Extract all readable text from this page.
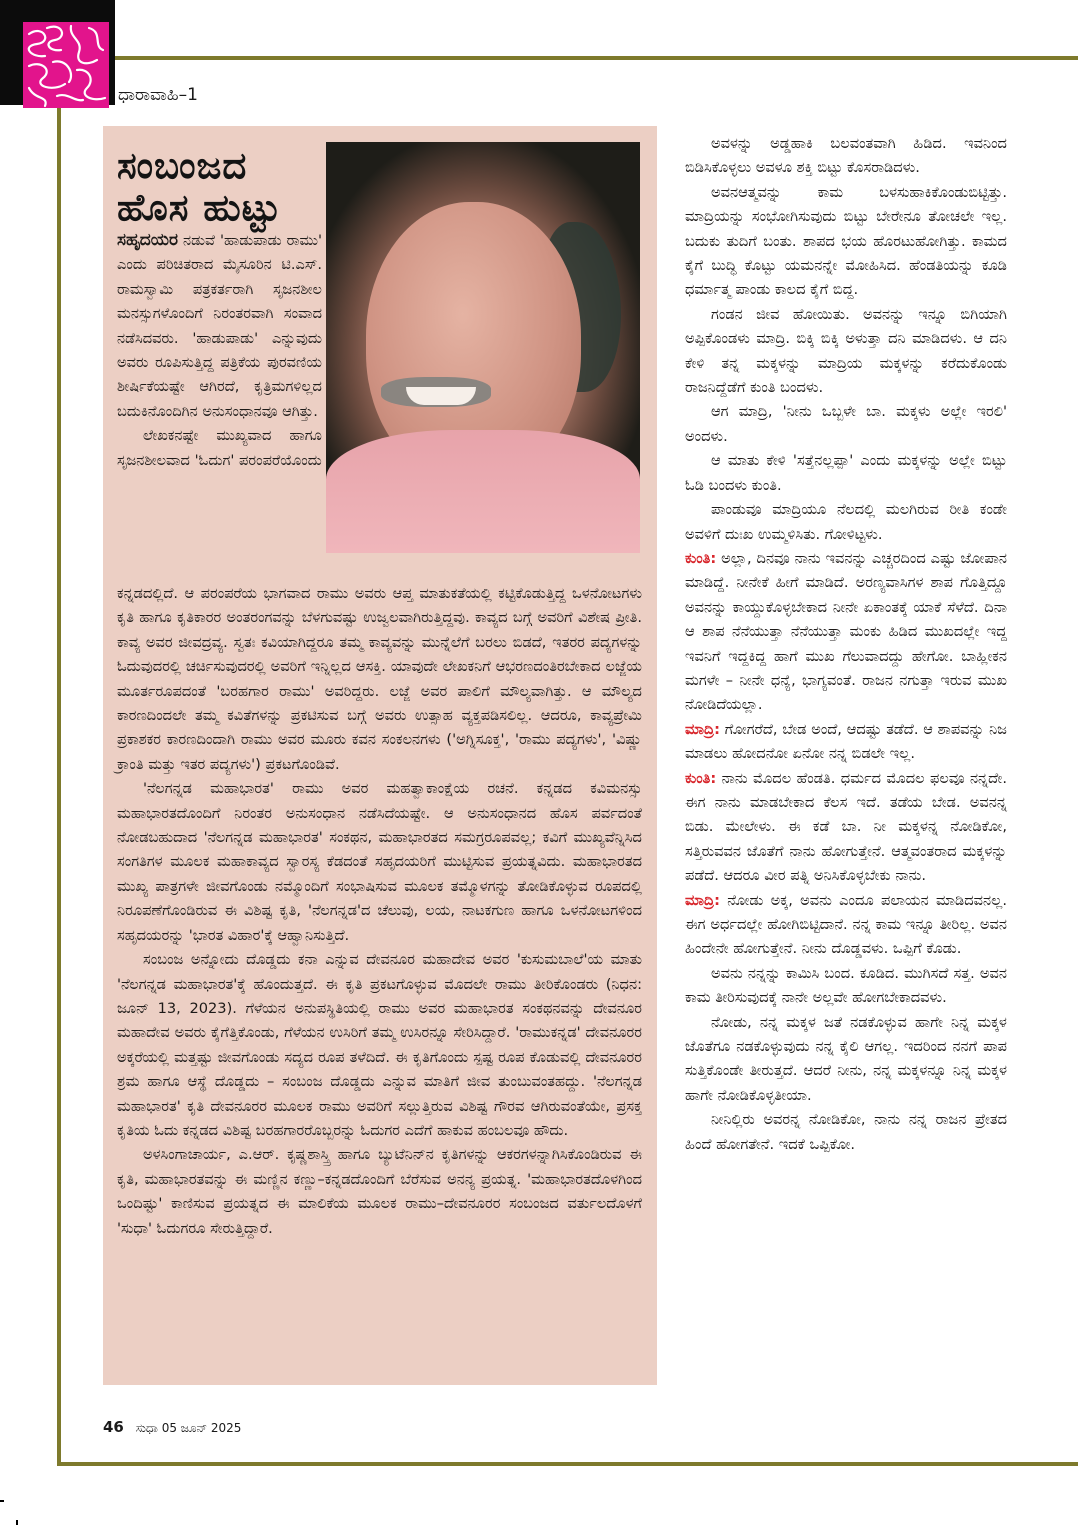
ಧಾರಾವಾಹಿ–1
ಸಂಬಂಜದ
ಹೊಸ ಹುಟ್ಟು

ಸಹೃದಯರ ನಡುವೆ 'ಹಾಡುಪಾಡು ರಾಮು' ಎಂದು ಪರಿಚಿತರಾದ ಮೈಸೂರಿನ ಟಿ.ಎಸ್. ರಾಮಸ್ವಾಮಿ ಪತ್ರಕರ್ತರಾಗಿ ಸೃಜನಶೀಲ ಮನಸ್ಸುಗಳೊಂದಿಗೆ ನಿರಂತರವಾಗಿ ಸಂವಾದ ನಡೆಸಿದವರು. 'ಹಾಡುಪಾಡು' ಎನ್ನುವುದು ಅವರು ರೂಪಿಸುತ್ತಿದ್ದ ಪತ್ರಿಕೆಯ ಪುರವಣಿಯ ಶೀರ್ಷಿಕೆಯಷ್ಟೇ ಆಗಿರದೆ, ಕೃತ್ರಿಮಗಳಿಲ್ಲದ ಬದುಕಿನೊಂದಿಗಿನ ಅನುಸಂಧಾನವೂ ಆಗಿತ್ತು.

ಲೇಖಕನಷ್ಟೇ ಮುಖ್ಯವಾದ ಹಾಗೂ ಸೃಜನಶೀಲವಾದ 'ಓದುಗ' ಪರಂಪರೆಯೊಂದು

ಕನ್ನಡದಲ್ಲಿದೆ. ಆ ಪರಂಪರೆಯ ಭಾಗವಾದ ರಾಮು ಅವರು ಆಪ್ತ ಮಾತುಕತೆಯಲ್ಲಿ ಕಟ್ಟಿಕೊಡುತ್ತಿದ್ದ ಒಳನೋಟಗಳು ಕೃತಿ ಹಾಗೂ ಕೃತಿಕಾರರ ಅಂತರಂಗವನ್ನು ಬೆಳಗುವಷ್ಟು ಉಜ್ವಲವಾಗಿರುತ್ತಿದ್ದವು. ಕಾವ್ಯದ ಬಗ್ಗೆ ಅವರಿಗೆ ವಿಶೇಷ ಪ್ರೀತಿ. ಕಾವ್ಯ ಅವರ ಜೀವದ್ರವ್ಯ. ಸ್ವತಃ ಕವಿಯಾಗಿದ್ದರೂ ತಮ್ಮ ಕಾವ್ಯವನ್ನು ಮುನ್ನೆಲೆಗೆ ಬರಲು ಬಿಡದೆ, ಇತರರ ಪದ್ಯಗಳನ್ನು ಓದುವುದರಲ್ಲಿ ಚರ್ಚಿಸುವುದರಲ್ಲಿ ಅವರಿಗೆ ಇನ್ನಿಲ್ಲದ ಆಸಕ್ತಿ. ಯಾವುದೇ ಲೇಖಕನಿಗೆ ಆಭರಣದಂತಿರಬೇಕಾದ ಲಜ್ಜೆಯ ಮೂರ್ತರೂಪದಂತೆ 'ಬರಹಗಾರ ರಾಮು' ಅವರಿದ್ದರು. ಲಜ್ಜೆ ಅವರ ಪಾಲಿಗೆ ಮೌಲ್ಯವಾಗಿತ್ತು. ಆ ಮೌಲ್ಯದ ಕಾರಣದಿಂದಲೇ ತಮ್ಮ ಕವಿತೆಗಳನ್ನು ಪ್ರಕಟಿಸುವ ಬಗ್ಗೆ ಅವರು ಉತ್ಸಾಹ ವ್ಯಕ್ತಪಡಿಸಲಿಲ್ಲ. ಆದರೂ, ಕಾವ್ಯಪ್ರೇಮಿ ಪ್ರಕಾಶಕರ ಕಾರಣದಿಂದಾಗಿ ರಾಮು ಅವರ ಮೂರು ಕವನ ಸಂಕಲನಗಳು ('ಅಗ್ನಿಸೂಕ್ತ', 'ರಾಮು ಪದ್ಯಗಳು', 'ವಿಷ್ಣು ಕ್ರಾಂತಿ ಮತ್ತು ಇತರ ಪದ್ಯಗಳು') ಪ್ರಕಟಗೊಂಡಿವೆ.

'ನೆಲಗನ್ನಡ ಮಹಾಭಾರತ' ರಾಮು ಅವರ ಮಹತ್ವಾಕಾಂಕ್ಷೆಯ ರಚನೆ. ಕನ್ನಡದ ಕವಿಮನಸ್ಸು ಮಹಾಭಾರತದೊಂದಿಗೆ ನಿರಂತರ ಅನುಸಂಧಾನ ನಡೆಸಿದೆಯಷ್ಟೇ. ಆ ಅನುಸಂಧಾನದ ಹೊಸ ಪರ್ವದಂತೆ ನೋಡಬಹುದಾದ 'ನೆಲಗನ್ನಡ ಮಹಾಭಾರತ' ಸಂಕಥನ, ಮಹಾಭಾರತದ ಸಮಗ್ರರೂಪವಲ್ಲ; ಕವಿಗೆ ಮುಖ್ಯವೆನ್ನಿಸಿದ ಸಂಗತಿಗಳ ಮೂಲಕ ಮಹಾಕಾವ್ಯದ ಸ್ವಾರಸ್ಯ ಕೆಡದಂತೆ ಸಹೃದಯರಿಗೆ ಮುಟ್ಟಿಸುವ ಪ್ರಯತ್ನವಿದು. ಮಹಾಭಾರತದ ಮುಖ್ಯ ಪಾತ್ರಗಳೇ ಜೀವಗೊಂಡು ನಮ್ಮೊಂದಿಗೆ ಸಂಭಾಷಿಸುವ ಮೂಲಕ ತಮ್ಮೊಳಗನ್ನು ತೋಡಿಕೊಳ್ಳುವ ರೂಪದಲ್ಲಿ ನಿರೂಪಣೆಗೊಂಡಿರುವ ಈ ವಿಶಿಷ್ಟ ಕೃತಿ, 'ನೆಲಗನ್ನಡ'ದ ಚೆಲುವು, ಲಯ, ನಾಟಕಗುಣ ಹಾಗೂ ಒಳನೋಟಗಳಿಂದ ಸಹೃದಯರನ್ನು 'ಭಾರತ ವಿಹಾರ'ಕ್ಕೆ ಆಹ್ವಾನಿಸುತ್ತಿದೆ.

ಸಂಬಂಜ ಅನ್ನೋದು ದೊಡ್ಡದು ಕನಾ ಎನ್ನುವ ದೇವನೂರ ಮಹಾದೇವ ಅವರ 'ಕುಸುಮಬಾಲೆ'ಯ ಮಾತು 'ನೆಲಗನ್ನಡ ಮಹಾಭಾರತ'ಕ್ಕೆ ಹೊಂದುತ್ತದೆ. ಈ ಕೃತಿ ಪ್ರಕಟಗೊಳ್ಳುವ ಮೊದಲೇ ರಾಮು ತೀರಿಕೊಂಡರು (ನಿಧನ: ಜೂನ್ 13, 2023). ಗೆಳೆಯನ ಅನುಪಸ್ಥಿತಿಯಲ್ಲಿ ರಾಮು ಅವರ ಮಹಾಭಾರತ ಸಂಕಥನವನ್ನು ದೇವನೂರ ಮಹಾದೇವ ಅವರು ಕೈಗೆತ್ತಿಕೊಂಡು, ಗೆಳೆಯನ ಉಸಿರಿಗೆ ತಮ್ಮ ಉಸಿರನ್ನೂ ಸೇರಿಸಿದ್ದಾರೆ. 'ರಾಮುಕನ್ನಡ' ದೇವನೂರರ ಅಕ್ಕರೆಯಲ್ಲಿ ಮತ್ತಷ್ಟು ಜೀವಗೊಂಡು ಸದ್ಯದ ರೂಪ ತಳೆದಿದೆ. ಈ ಕೃತಿಗೊಂದು ಸ್ಪಷ್ಟ ರೂಪ ಕೊಡುವಲ್ಲಿ ದೇವನೂರರ ಶ್ರಮ ಹಾಗೂ ಆಸ್ಥೆ ದೊಡ್ಡದು – ಸಂಬಂಜ ದೊಡ್ಡದು ಎನ್ನುವ ಮಾತಿಗೆ ಜೀವ ತುಂಬುವಂತಹದ್ದು. 'ನೆಲಗನ್ನಡ ಮಹಾಭಾರತ' ಕೃತಿ ದೇವನೂರರ ಮೂಲಕ ರಾಮು ಅವರಿಗೆ ಸಲ್ಲುತ್ತಿರುವ ವಿಶಿಷ್ಟ ಗೌರವ ಆಗಿರುವಂತೆಯೇ, ಪ್ರಸಕ್ತ ಕೃತಿಯ ಓದು ಕನ್ನಡದ ವಿಶಿಷ್ಟ ಬರಹಗಾರರೊಬ್ಬರನ್ನು ಓದುಗರ ಎದೆಗೆ ಹಾಕುವ ಹಂಬಲವೂ ಹೌದು.

ಅಳಸಿಂಗಾಚಾರ್ಯ, ಎ.ಆರ್. ಕೃಷ್ಣಶಾಸ್ತ್ರಿ ಹಾಗೂ ಬ್ಯುಟೆನಿನ್‌ನ ಕೃತಿಗಳನ್ನು ಆಕರಗಳನ್ನಾಗಿಸಿಕೊಂಡಿರುವ ಈ ಕೃತಿ, ಮಹಾಭಾರತವನ್ನು ಈ ಮಣ್ಣಿನ ಕಣ್ಣು–ಕನ್ನಡದೊಂದಿಗೆ ಬೆರೆಸುವ ಅನನ್ಯ ಪ್ರಯತ್ನ. 'ಮಹಾಭಾರತದೊಳಗಿಂದ ಒಂದಿಷ್ಟು' ಕಾಣಿಸುವ ಪ್ರಯತ್ನದ ಈ ಮಾಲಿಕೆಯ ಮೂಲಕ ರಾಮು–ದೇವನೂರರ ಸಂಬಂಜದ ವರ್ತುಲದೊಳಗೆ 'ಸುಧಾ' ಓದುಗರೂ ಸೇರುತ್ತಿದ್ದಾರೆ.

ಅವಳನ್ನು ಅಡ್ಡಹಾಕಿ ಬಲವಂತವಾಗಿ ಹಿಡಿದ. ಇವನಿಂದ ಬಿಡಿಸಿಕೊಳ್ಳಲು ಅವಳೂ ಶಕ್ತಿ ಬಿಟ್ಟು ಕೊಸರಾಡಿದಳು.

ಅವನಆತ್ಮವನ್ನು ಕಾಮ ಬಳಸುಹಾಕಿಕೊಂಡುಬಿಟ್ಟಿತ್ತು. ಮಾದ್ರಿಯನ್ನು ಸಂಭೋಗಿಸುವುದು ಬಿಟ್ಟು ಬೇರೇನೂ ತೋಚಲೇ ಇಲ್ಲ. ಬದುಕು ತುದಿಗೆ ಬಂತು. ಶಾಪದ ಭಯ ಹೊರಟುಹೋಗಿತ್ತು. ಕಾಮದ ಕೈಗೆ ಬುದ್ಧಿ ಕೊಟ್ಟು ಯಮನನ್ನೇ ಮೋಹಿಸಿದ. ಹೆಂಡತಿಯನ್ನು ಕೂಡಿ ಧರ್ಮಾತ್ಮ ಪಾಂಡು ಕಾಲದ ಕೈಗೆ ಬಿದ್ದ.

ಗಂಡನ ಜೀವ ಹೋಯಿತು. ಅವನನ್ನು ಇನ್ನೂ ಬಿಗಿಯಾಗಿ ಅಪ್ಪಿಕೊಂಡಳು ಮಾದ್ರಿ. ಬಿಕ್ಕಿ ಬಿಕ್ಕಿ ಅಳುತ್ತಾ ದನಿ ಮಾಡಿದಳು. ಆ ದನಿ ಕೇಳಿ ತನ್ನ ಮಕ್ಕಳನ್ನು ಮಾದ್ರಿಯ ಮಕ್ಕಳನ್ನು ಕರೆದುಕೊಂಡು ರಾಜನಿದ್ದೆಡೆಗೆ ಕುಂತಿ ಬಂದಳು.

ಆಗ ಮಾದ್ರಿ, 'ನೀನು ಒಬ್ಬಳೇ ಬಾ. ಮಕ್ಕಳು ಅಲ್ಲೇ ಇರಲಿ' ಅಂದಳು.

ಆ ಮಾತು ಕೇಳಿ 'ಸತ್ತೆನಲ್ಲಪ್ಪಾ' ಎಂದು ಮಕ್ಕಳನ್ನು ಅಲ್ಲೇ ಬಿಟ್ಟು ಓಡಿ ಬಂದಳು ಕುಂತಿ.

ಪಾಂಡುವೂ ಮಾದ್ರಿಯೂ ನೆಲದಲ್ಲಿ ಮಲಗಿರುವ ರೀತಿ ಕಂಡೇ ಅವಳಿಗೆ ದುಃಖ ಉಮ್ಮಳಿಸಿತು. ಗೋಳಿಟ್ಟಳು.

ಕುಂತಿ: ಅಲ್ಲಾ, ದಿನವೂ ನಾನು ಇವನನ್ನು ಎಚ್ಚರದಿಂದ ಎಷ್ಟು ಜೋಪಾನ ಮಾಡಿದ್ದೆ. ನೀನೇಕೆ ಹೀಗೆ ಮಾಡಿದೆ. ಅರಣ್ಯವಾಸಿಗಳ ಶಾಪ ಗೊತ್ತಿದ್ದೂ ಅವನನ್ನು ಕಾಯ್ದುಕೊಳ್ಳಬೇಕಾದ ನೀನೇ ಏಕಾಂತಕ್ಕೆ ಯಾಕೆ ಸೆಳೆದೆ. ದಿನಾ ಆ ಶಾಪ ನೆನೆಯುತ್ತಾ ನೆನೆಯುತ್ತಾ ಮಂಕು ಹಿಡಿದ ಮುಖದಲ್ಲೇ ಇದ್ದ ಇವನಿಗೆ ಇದ್ದಕಿದ್ದ ಹಾಗೆ ಮುಖ ಗೆಲುವಾದದ್ದು ಹೇಗೋ. ಬಾಹ್ಲೀಕನ ಮಗಳೇ – ನೀನೇ ಧನ್ಯೆ, ಭಾಗ್ಯವಂತೆ. ರಾಜನ ನಗುತ್ತಾ ಇರುವ ಮುಖ ನೋಡಿದೆಯಲ್ಲಾ.

ಮಾದ್ರಿ: ಗೋಗರೆದೆ, ಬೇಡ ಅಂದೆ, ಆದಷ್ಟು ತಡೆದೆ. ಆ ಶಾಪವನ್ನು ನಿಜ ಮಾಡಲು ಹೋದನೋ ಏನೋ ನನ್ನ ಬಿಡಲೇ ಇಲ್ಲ.

ಕುಂತಿ: ನಾನು ಮೊದಲ ಹೆಂಡತಿ. ಧರ್ಮದ ಮೊದಲ ಫಲವೂ ನನ್ನದೇ. ಈಗ ನಾನು ಮಾಡಬೇಕಾದ ಕೆಲಸ ಇದೆ. ತಡೆಯ ಬೇಡ. ಅವನನ್ನ ಬಿಡು. ಮೇಲೇಳು. ಈ ಕಡೆ ಬಾ. ನೀ ಮಕ್ಕಳನ್ನ ನೋಡಿಕೋ, ಸತ್ತಿರುವವನ ಜೊತೆಗೆ ನಾನು ಹೋಗುತ್ತೇನೆ. ಆತ್ಮವಂತರಾದ ಮಕ್ಕಳನ್ನು ಪಡೆದೆ. ಆದರೂ ವೀರ ಪತ್ನಿ ಅನಿಸಿಕೊಳ್ಳಬೇಕು ನಾನು.

ಮಾದ್ರಿ: ನೋಡು ಅಕ್ಕ, ಅವನು ಎಂದೂ ಪಲಾಯನ ಮಾಡಿದವನಲ್ಲ. ಈಗ ಅರ್ಧದಲ್ಲೇ ಹೋಗಿಬಿಟ್ಟಿದಾನೆ. ನನ್ನ ಕಾಮ ಇನ್ನೂ ತೀರಿಲ್ಲ. ಅವನ ಹಿಂದೇನೇ ಹೋಗುತ್ತೇನೆ. ನೀನು ದೊಡ್ಡವಳು. ಒಪ್ಪಿಗೆ ಕೊಡು.

ಅವನು ನನ್ನನ್ನು ಕಾಮಿಸಿ ಬಂದ. ಕೂಡಿದ. ಮುಗಿಸದೆ ಸತ್ತ. ಅವನ ಕಾಮ ತೀರಿಸುವುದಕ್ಕೆ ನಾನೇ ಅಲ್ಲವೇ ಹೋಗಬೇಕಾದವಳು.

ನೋಡು, ನನ್ನ ಮಕ್ಕಳ ಜತೆ ನಡಕೊಳ್ಳುವ ಹಾಗೇ ನಿನ್ನ ಮಕ್ಕಳ ಜೊತೆಗೂ ನಡಕೊಳ್ಳುವುದು ನನ್ನ ಕೈಲಿ ಆಗಲ್ಲ. ಇದರಿಂದ ನನಗೆ ಪಾಪ ಸುತ್ತಿಕೊಂಡೇ ತೀರುತ್ತದೆ. ಆದರೆ ನೀನು, ನನ್ನ ಮಕ್ಕಳನ್ನೂ ನಿನ್ನ ಮಕ್ಕಳ ಹಾಗೇ ನೋಡಿಕೊಳ್ಳತೀಯಾ.

ನೀನಿಲ್ಲಿರು ಅವರನ್ನ ನೋಡಿಕೋ, ನಾನು ನನ್ನ ರಾಜನ ಪ್ರೇತದ ಹಿಂದೆ ಹೋಗತೇನೆ. ಇದಕೆ ಒಪ್ಪಿಕೋ.

46 ಸುಧಾ 05 ಜೂನ್ 2025
